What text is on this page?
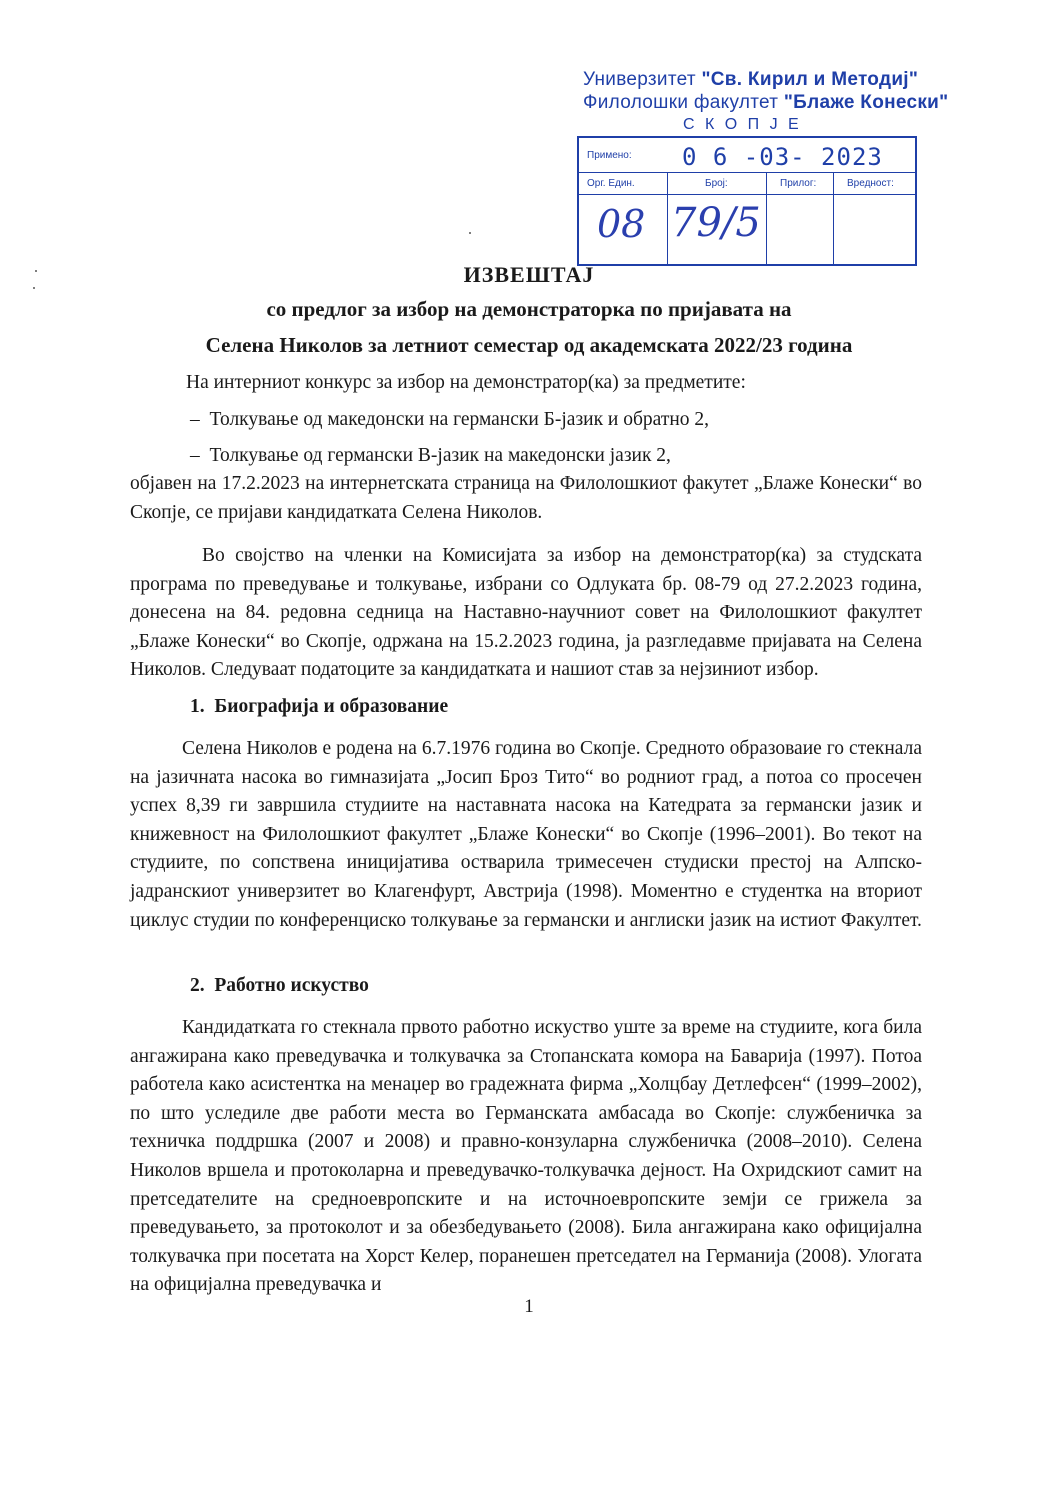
Универзитет "Св. Кирил и Методиј"
Филолошки факултет "Блаже Конески"
С К О П Ј Е
Примено: 0 6 -03- 2023
Орг. Един.	Број:	Прилог:	Вредност:
08 79/5
ИЗВЕШТАЈ
со предлог за избор на демонстраторка по пријавата на
Селена Николов за летниот семестар од академската 2022/23 година
На интерниот конкурс за избор на демонстратор(ка) за предметите:
–  Толкување од македонски на германски Б-јазик и обратно 2,
–  Толкување од германски В-јазик на македонски јазик 2,
објавен на 17.2.2023 на интернетската страница на Филолошкиот факутет „Блаже Конески“ во Скопје, се пријави кандидатката Селена Николов.
Во својство на членки на Комисијата за избор на демонстратор(ка) за студската програма по преведување и толкување, избрани со Одлуката бр. 08-79 од 27.2.2023 година, донесена на 84. редовна седница на Наставно-научниот совет на Филолошкиот факултет „Блаже Конески“ во Скопје, одржана на 15.2.2023 година, ја разгледавме пријавата на Селена Николов. Следуваат податоците за кандидатката и нашиот став за нејзиниот избор.
1. Биографија и образование
Селена Николов е родена на 6.7.1976 година во Скопје. Средното образоваие го стекнала на јазичната насока во гимназијата „Јосип Броз Тито“ во родниот град, а потоа со просечен успех 8,39 ги завршила студиите на наставната насока на Катедрата за германски јазик и книжевност на Филолошкиот факултет „Блаже Конески“ во Скопје (1996–2001). Во текот на студиите, по сопствена иницијатива остварила тримесечен студиски престој на Алпско-јадранскиот универзитет во Клагенфурт, Австрија (1998). Моментно е студентка на вториот циклус студии по конференциско толкување за германски и англиски јазик на истиот Факултет.
2. Работно искуство
Кандидатката го стекнала првото работно искуство уште за време на студиите, кога била ангажирана како преведувачка и толкувачка за Стопанската комора на Баварија (1997). Потоа работела како асистентка на менаџер во градежната фирма „Холцбау Детлефсен“ (1999–2002), по што уследиле две работи места во Германската амбасада во Скопје: службеничка за техничка поддршка (2007 и 2008) и правно-конзуларна службеничка (2008–2010). Селена Николов вршела и протоколарна и преведувачко-толкувачка дејност. На Охридскиот самит на претседателите на средноевропските и на источноевропските земји се грижела за преведувањето, за протоколот и за обезбедувањето (2008). Била ангажирана како официјална толкувачка при посетата на Хорст Келер, поранешен претседател на Германија (2008). Улогата на официјална преведувачка и
1
